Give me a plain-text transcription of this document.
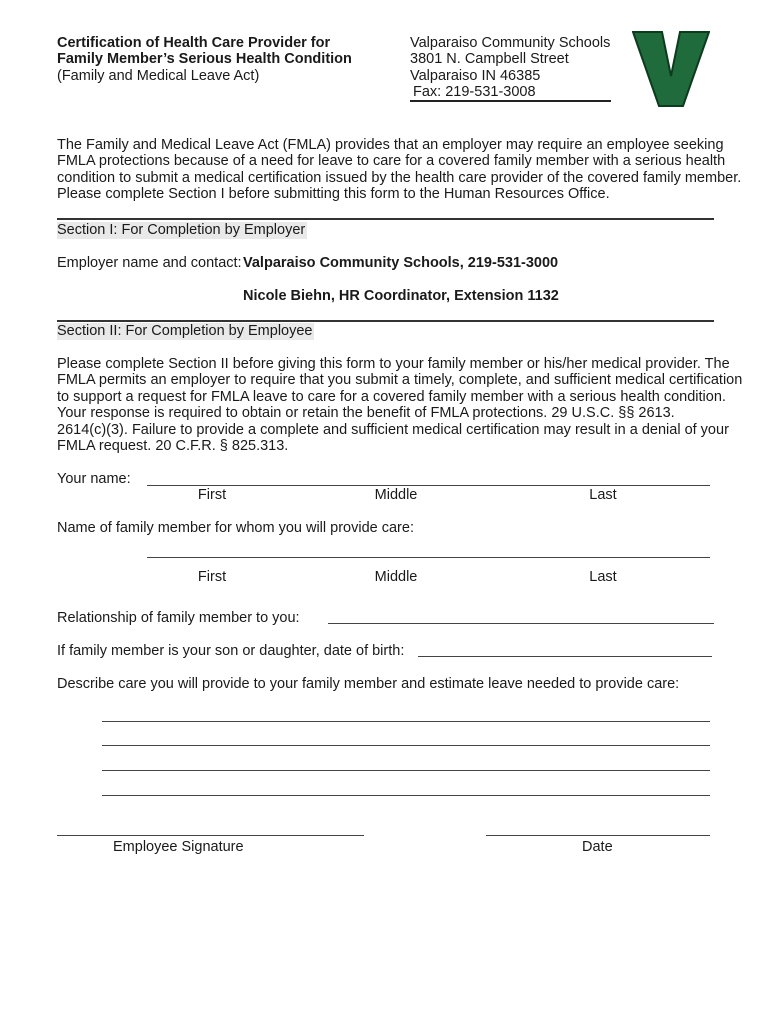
Certification of Health Care Provider for
Family Member’s Serious Health Condition
(Family and Medical Leave Act)
Valparaiso Community Schools
3801 N. Campbell Street
Valparaiso IN 46385
Fax: 219-531-3008
The Family and Medical Leave Act (FMLA) provides that an employer may require an employee seeking
FMLA protections because of a need for leave to care for a covered family member with a serious health
condition to submit a medical certification issued by the health care provider of the covered family member.
Please complete Section I before submitting this form to the Human Resources Office.
Section I: For Completion by Employer
Employer name and contact: Valparaiso Community Schools, 219-531-3000
Nicole Biehn, HR Coordinator, Extension 1132
Section II: For Completion by Employee
Please complete Section II before giving this form to your family member or his/her medical provider. The
FMLA permits an employer to require that you submit a timely, complete, and sufficient medical certification
to support a request for FMLA leave to care for a covered family member with a serious health condition.
Your response is required to obtain or retain the benefit of FMLA protections. 29 U.S.C. §§ 2613.
2614(c)(3). Failure to provide a complete and sufficient medical certification may result in a denial of your
FMLA request. 20 C.F.R. § 825.313.
Your name:
First	Middle	Last
Name of family member for whom you will provide care:
First	Middle	Last
Relationship of family member to you:
If family member is your son or daughter, date of birth:
Describe care you will provide to your family member and estimate leave needed to provide care:
Employee Signature	Date
